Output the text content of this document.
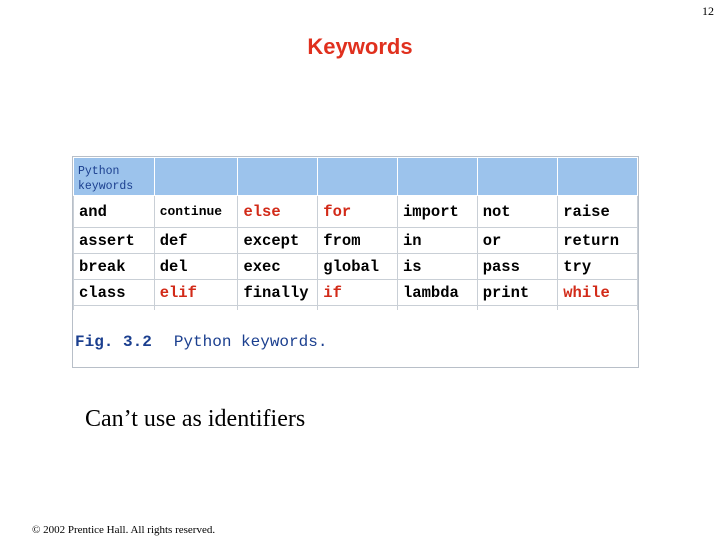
12
Keywords
Python
keywords						
and	continue	else	for	import	not	raise
assert	def	except	from	in	or	return
break	del	exec	global	is	pass	try
class	elif	finally	if	lambda	print	while

Fig. 3.2 Python keywords.
Can’t use as identifiers
© 2002 Prentice Hall. All rights reserved.
